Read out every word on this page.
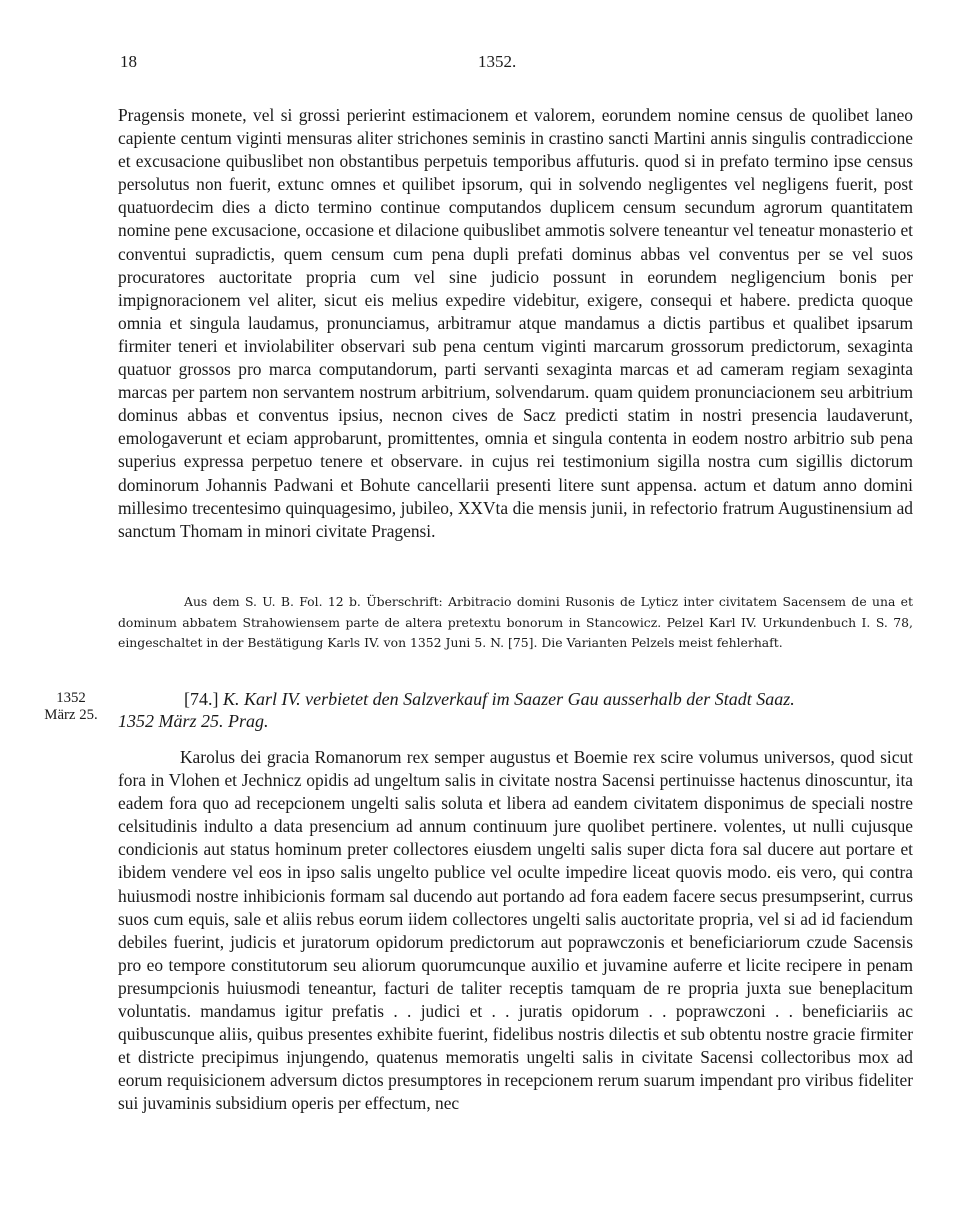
18	1352.

Pragensis monete, vel si grossi perierint estimacionem et valorem, eorundem nomine census de quolibet laneo capiente centum viginti mensuras aliter strichones seminis in crastino sancti Martini annis singulis contradiccione et excusacione quibuslibet non obstantibus perpetuis temporibus affuturis. quod si in prefato termino ipse census persolutus non fuerit, extunc omnes et quilibet ipsorum, qui in solvendo negligentes vel negligens fuerit, post quatuordecim dies a dicto termino continue computandos duplicem censum secundum agrorum quantitatem nomine pene excusacione, occasione et dilacione quibuslibet ammotis solvere teneantur vel teneatur monasterio et conventui supradictis, quem censum cum pena dupli prefati dominus abbas vel conventus per se vel suos procuratores auctoritate propria cum vel sine judicio possunt in eorundem negligencium bonis per impignoracionem vel aliter, sicut eis melius expedire videbitur, exigere, consequi et habere. predicta quoque omnia et singula laudamus, pronunciamus, arbitramur atque mandamus a dictis partibus et qualibet ipsarum firmiter teneri et inviolabiliter observari sub pena centum viginti marcarum grossorum predictorum, sexaginta quatuor grossos pro marca computandorum, parti servanti sexaginta marcas et ad cameram regiam sexaginta marcas per partem non servantem nostrum arbitrium, solvendarum. quam quidem pronunciacionem seu arbitrium dominus abbas et conventus ipsius, necnon cives de Sacz predicti statim in nostri presencia laudaverunt, emologaverunt et eciam approbarunt, promittentes, omnia et singula contenta in eodem nostro arbitrio sub pena superius expressa perpetuo tenere et observare. in cujus rei testimonium sigilla nostra cum sigillis dictorum dominorum Johannis Padwani et Bohute cancellarii presenti litere sunt appensa. actum et datum anno domini millesimo trecentesimo quinquagesimo, jubileo, XXVta die mensis junii, in refectorio fratrum Augustinensium ad sanctum Thomam in minori civitate Pragensi.

Aus dem S. U. B. Fol. 12 b. Überschrift: Arbitracio domini Rusonis de Lyticz inter civitatem Sacensem de una et dominum abbatem Strahowiensem parte de altera pretextu bonorum in Stancowicz. Pelzel Karl IV. Urkundenbuch I. S. 78, eingeschaltet in der Bestätigung Karls IV. von 1352 Juni 5. N. [75]. Die Varianten Pelzels meist fehlerhaft.

1352
März 25.
[74.] K. Karl IV. verbietet den Salzverkauf im Saazer Gau ausserhalb der Stadt Saaz.
1352 März 25. Prag.

Karolus dei gracia Romanorum rex semper augustus et Boemie rex scire volumus universos, quod sicut fora in Vlohen et Jechnicz opidis ad ungeltum salis in civitate nostra Sacensi pertinuisse hactenus dinoscuntur, ita eadem fora quo ad recepcionem ungelti salis soluta et libera ad eandem civitatem disponimus de speciali nostre celsitudinis indulto a data presencium ad annum continuum jure quolibet pertinere. volentes, ut nulli cujusque condicionis aut status hominum preter collectores eiusdem ungelti salis super dicta fora sal ducere aut portare et ibidem vendere vel eos in ipso salis ungelto publice vel oculte impedire liceat quovis modo. eis vero, qui contra huiusmodi nostre inhibicionis formam sal ducendo aut portando ad fora eadem facere secus presumpserint, currus suos cum equis, sale et aliis rebus eorum iidem collectores ungelti salis auctoritate propria, vel si ad id faciendum debiles fuerint, judicis et juratorum opidorum predictorum aut poprawczonis et beneficiariorum czude Sacensis pro eo tempore constitutorum seu aliorum quorumcunque auxilio et juvamine auferre et licite recipere in penam presumpcionis huiusmodi teneantur, facturi de taliter receptis tamquam de re propria juxta sue beneplacitum voluntatis. mandamus igitur prefatis . . judici et . . juratis opidorum . . poprawczoni . . beneficiariis ac quibuscunque aliis, quibus presentes exhibite fuerint, fidelibus nostris dilectis et sub obtentu nostre gracie firmiter et districte precipimus injungendo, quatenus memoratis ungelti salis in civitate Sacensi collectoribus mox ad eorum requisicionem adversum dictos presumptores in recepcionem rerum suarum impendant pro viribus fideliter sui juvaminis subsidium operis per effectum, nec
